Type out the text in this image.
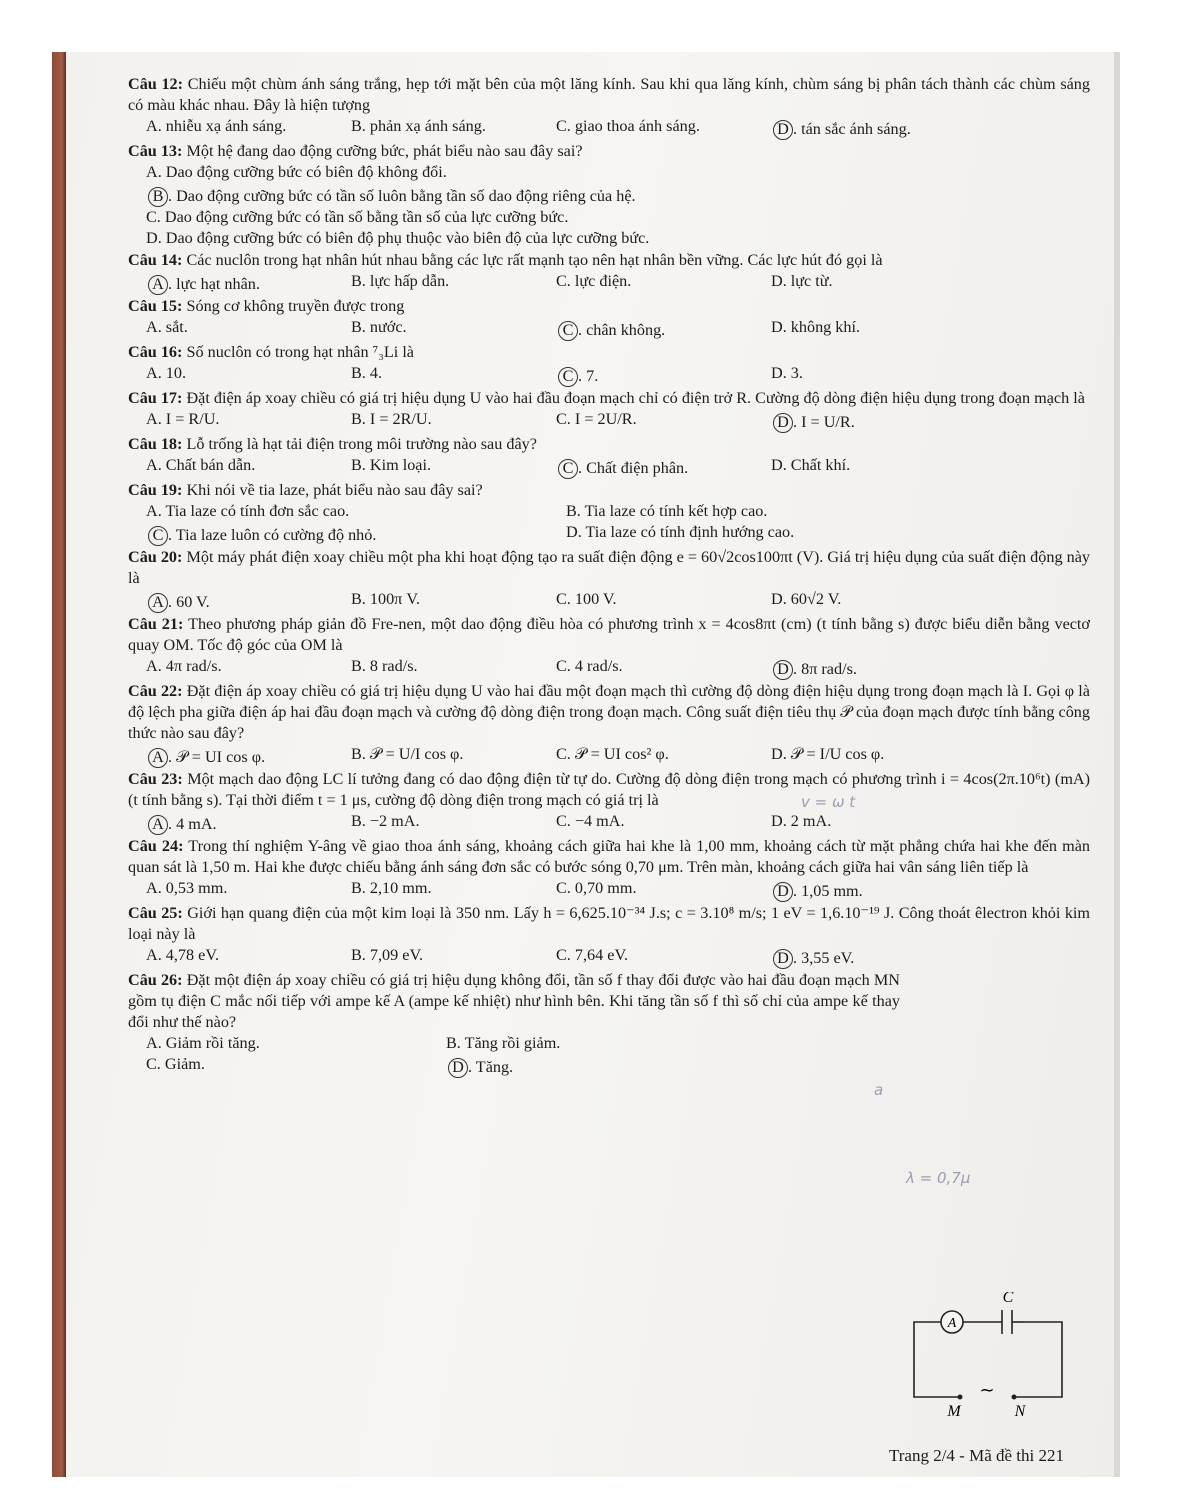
Câu 12: Chiếu một chùm ánh sáng trắng, hẹp tới mặt bên của một lăng kính. Sau khi qua lăng kính, chùm sáng bị phân tách thành các chùm sáng có màu khác nhau. Đây là hiện tượng
A. nhiễu xạ ánh sáng.	B. phản xạ ánh sáng.	C. giao thoa ánh sáng.	D . tán sắc ánh sáng.
Câu 13: Một hệ đang dao động cưỡng bức, phát biểu nào sau đây sai?
A. Dao động cưỡng bức có biên độ không đổi.
B . Dao động cưỡng bức có tần số luôn bằng tần số dao động riêng của hệ.
C. Dao động cưỡng bức có tần số bằng tần số của lực cưỡng bức.
D. Dao động cưỡng bức có biên độ phụ thuộc vào biên độ của lực cưỡng bức.
Câu 14: Các nuclôn trong hạt nhân hút nhau bằng các lực rất mạnh tạo nên hạt nhân bền vững. Các lực hút đó gọi là
A . lực hạt nhân.	B. lực hấp dẫn.	C. lực điện.	D. lực từ.
Câu 15: Sóng cơ không truyền được trong
A. sắt.	B. nước.	C . chân không.	D. không khí.
Câu 16: Số nuclôn có trong hạt nhân ⁷₃Li là
A. 10.	B. 4.	C . 7.	D. 3.
Câu 17: Đặt điện áp xoay chiều có giá trị hiệu dụng U vào hai đầu đoạn mạch chỉ có điện trở R. Cường độ dòng điện hiệu dụng trong đoạn mạch là
A. I = R/U.	B. I = 2R/U.	C. I = 2U/R.	D . I = U/R.
Câu 18: Lỗ trống là hạt tải điện trong môi trường nào sau đây?
A. Chất bán dẫn.	B. Kim loại.	C . Chất điện phân.	D. Chất khí.
Câu 19: Khi nói về tia laze, phát biểu nào sau đây sai?
A. Tia laze có tính đơn sắc cao.	B. Tia laze có tính kết hợp cao.
C . Tia laze luôn có cường độ nhỏ.	D. Tia laze có tính định hướng cao.
Câu 20: Một máy phát điện xoay chiều một pha khi hoạt động tạo ra suất điện động e = 60√2cos100πt (V). Giá trị hiệu dụng của suất điện động này là
A . 60 V.	B. 100π V.	C. 100 V.	D. 60√2 V.
Câu 21: Theo phương pháp giản đồ Fre-nen, một dao động điều hòa có phương trình x = 4cos8πt (cm) (t tính bằng s) được biểu diễn bằng vectơ quay OM. Tốc độ góc của OM là
A. 4π rad/s.	B. 8 rad/s.	C. 4 rad/s.	D . 8π rad/s.
Câu 22: Đặt điện áp xoay chiều có giá trị hiệu dụng U vào hai đầu một đoạn mạch thì cường độ dòng điện hiệu dụng trong đoạn mạch là I. Gọi φ là độ lệch pha giữa điện áp hai đầu đoạn mạch và cường độ dòng điện trong đoạn mạch. Công suất điện tiêu thụ 𝒫 của đoạn mạch được tính bằng công thức nào sau đây?
A . 𝒫 = UI cos φ.	B. 𝒫 = U/I cos φ.	C. 𝒫 = UI cos² φ.	D. 𝒫 = I/U cos φ.
Câu 23: Một mạch dao động LC lí tưởng đang có dao động điện từ tự do. Cường độ dòng điện trong mạch có phương trình i = 4cos(2π.10⁶t) (mA) (t tính bằng s). Tại thời điểm t = 1 μs, cường độ dòng điện trong mạch có giá trị là
A . 4 mA.	B. −2 mA.	C. −4 mA.	D. 2 mA.
Câu 24: Trong thí nghiệm Y-âng về giao thoa ánh sáng, khoảng cách giữa hai khe là 1,00 mm, khoảng cách từ mặt phẳng chứa hai khe đến màn quan sát là 1,50 m. Hai khe được chiếu bằng ánh sáng đơn sắc có bước sóng 0,70 μm. Trên màn, khoảng cách giữa hai vân sáng liên tiếp là
A. 0,53 mm.	B. 2,10 mm.	C. 0,70 mm.	D . 1,05 mm.
Câu 25: Giới hạn quang điện của một kim loại là 350 nm. Lấy h = 6,625.10⁻³⁴ J.s; c = 3.10⁸ m/s; 1 eV = 1,6.10⁻¹⁹ J. Công thoát êlectron khỏi kim loại này là
A. 4,78 eV.	B. 7,09 eV.	C. 7,64 eV.	D . 3,55 eV.
Câu 26: Đặt một điện áp xoay chiều có giá trị hiệu dụng không đổi, tần số f thay đổi được vào hai đầu đoạn mạch MN gồm tụ điện C mắc nối tiếp với ampe kế A (ampe kế nhiệt) như hình bên. Khi tăng tần số f thì số chỉ của ampe kế thay đổi như thế nào?
A. Giảm rồi tăng.	B. Tăng rồi giảm.
C. Giảm.	D . Tăng.
A
C
~
M	N
v = ω t
λ = 0,7μ
a
Trang 2/4 - Mã đề thi 221
